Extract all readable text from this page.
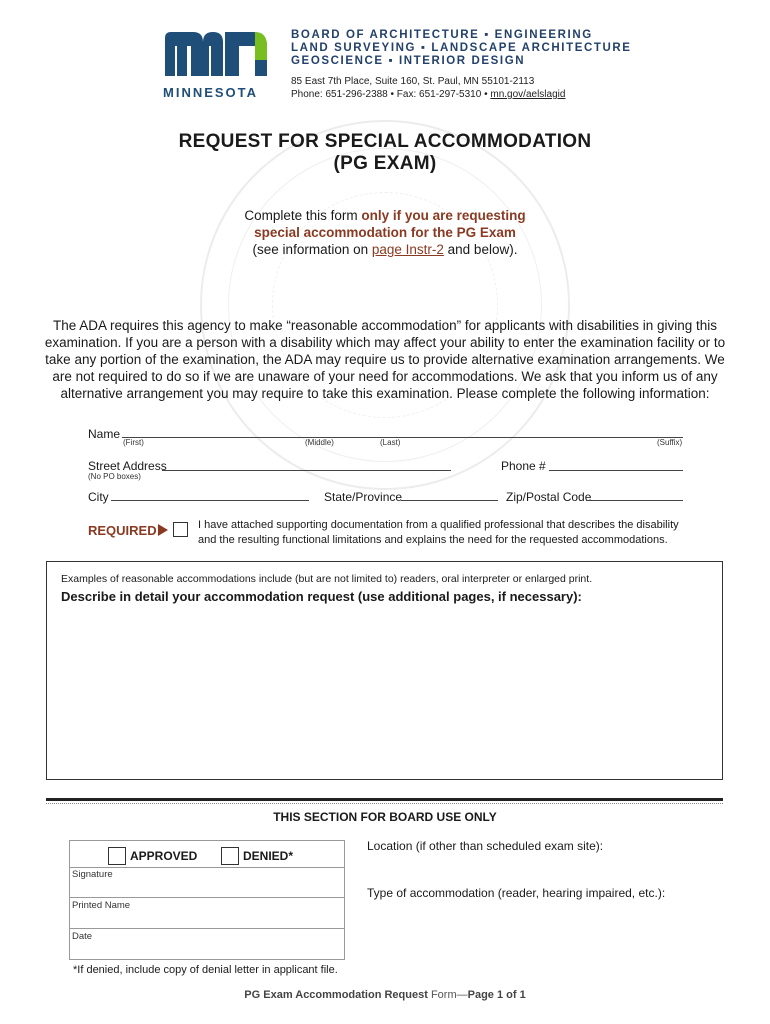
MINNESOTA
BOARD OF ARCHITECTURE ▪ ENGINEERING
LAND SURVEYING ▪ LANDSCAPE ARCHITECTURE
GEOSCIENCE ▪ INTERIOR DESIGN
85 East 7th Place, Suite 160, St. Paul, MN 55101-2113
Phone: 651-296-2388 • Fax: 651-297-5310 • mn.gov/aelslagid
REQUEST FOR SPECIAL ACCOMMODATION
(PG EXAM)
Complete this form only if you are requesting
special accommodation for the PG Exam
(see information on page Instr-2 and below).
The ADA requires this agency to make “reasonable accommodation” for applicants with disabilities in giving this
examination. If you are a person with a disability which may affect your ability to enter the examination facility or to
take any portion of the examination, the ADA may require us to provide alternative examination arrangements. We
are not required to do so if we are unaware of your need for accommodations. We ask that you inform us of any
alternative arrangement you may require to take this examination. Please complete the following information:
Name
(First)	(Middle)	(Last)	(Suffix)
Street Address
(No PO boxes)
Phone #
City	State/Province	Zip/Postal Code
REQUIRED!	I have attached supporting documentation from a qualified professional that describes the disability
and the resulting functional limitations and explains the need for the requested accommodations.
Examples of reasonable accommodations include (but are not limited to) readers, oral interpreter or enlarged print.
Describe in detail your accommodation request (use additional pages, if necessary):
THIS SECTION FOR BOARD USE ONLY
APPROVED	DENIED*
Signature
Printed Name
Date
*If denied, include copy of denial letter in applicant file.
Location (if other than scheduled exam site):
Type of accommodation (reader, hearing impaired, etc.):
PG Exam Accommodation Request Form—Page 1 of 1
